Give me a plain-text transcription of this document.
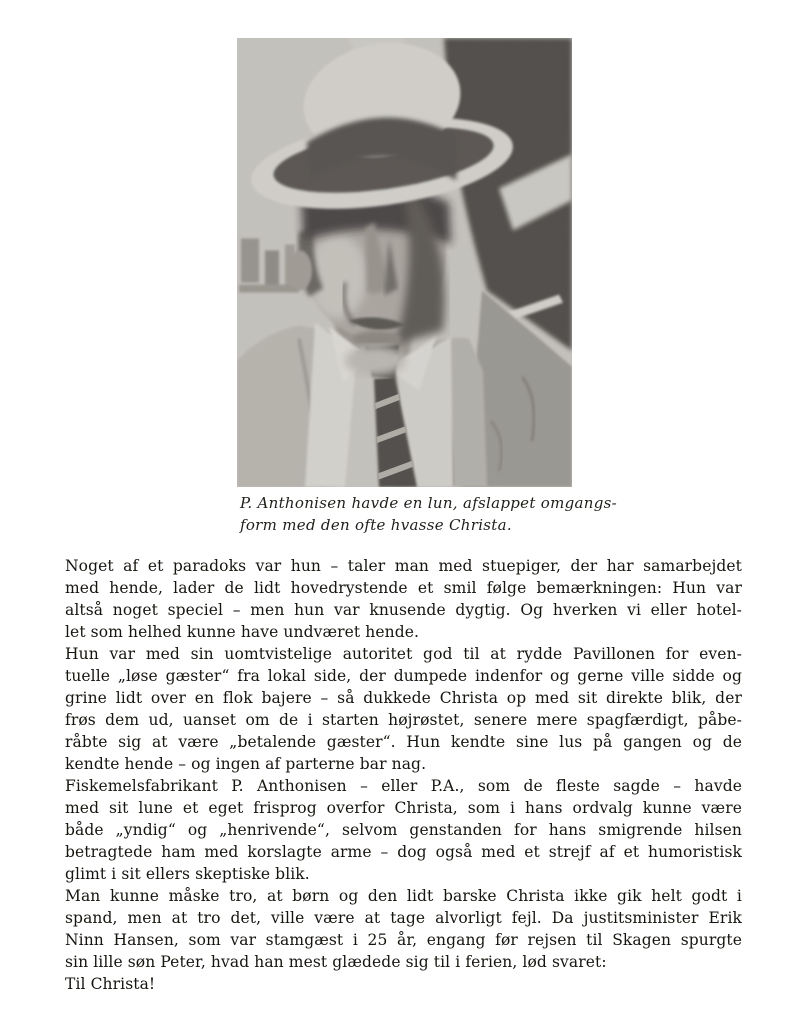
P. Anthonisen havde en lun, afslappet omgangs-
form med den ofte hvasse Christa.
Noget af et paradoks var hun – taler man med stuepiger, der har samarbejdet
med hende, lader de lidt hovedrystende et smil følge bemærkningen: Hun var
altså noget speciel – men hun var knusende dygtig. Og hverken vi eller hotel-
let som helhed kunne have undværet hende.
Hun var med sin uomtvistelige autoritet god til at rydde Pavillonen for even-
tuelle „løse gæster“ fra lokal side, der dumpede indenfor og gerne ville sidde og
grine lidt over en flok bajere – så dukkede Christa op med sit direkte blik, der
frøs dem ud, uanset om de i starten højrøstet, senere mere spagfærdigt, påbe-
råbte sig at være „betalende gæster“. Hun kendte sine lus på gangen og de
kendte hende – og ingen af parterne bar nag.
Fiskemelsfabrikant P. Anthonisen – eller P.A., som de fleste sagde – havde
med sit lune et eget frisprog overfor Christa, som i hans ordvalg kunne være
både „yndig“ og „henrivende“, selvom genstanden for hans smigrende hilsen
betragtede ham med korslagte arme – dog også med et strejf af et humoristisk
glimt i sit ellers skeptiske blik.
Man kunne måske tro, at børn og den lidt barske Christa ikke gik helt godt i
spand, men at tro det, ville være at tage alvorligt fejl. Da justitsminister Erik
Ninn Hansen, som var stamgæst i 25 år, engang før rejsen til Skagen spurgte
sin lille søn Peter, hvad han mest glædede sig til i ferien, lød svaret:
Til Christa!
